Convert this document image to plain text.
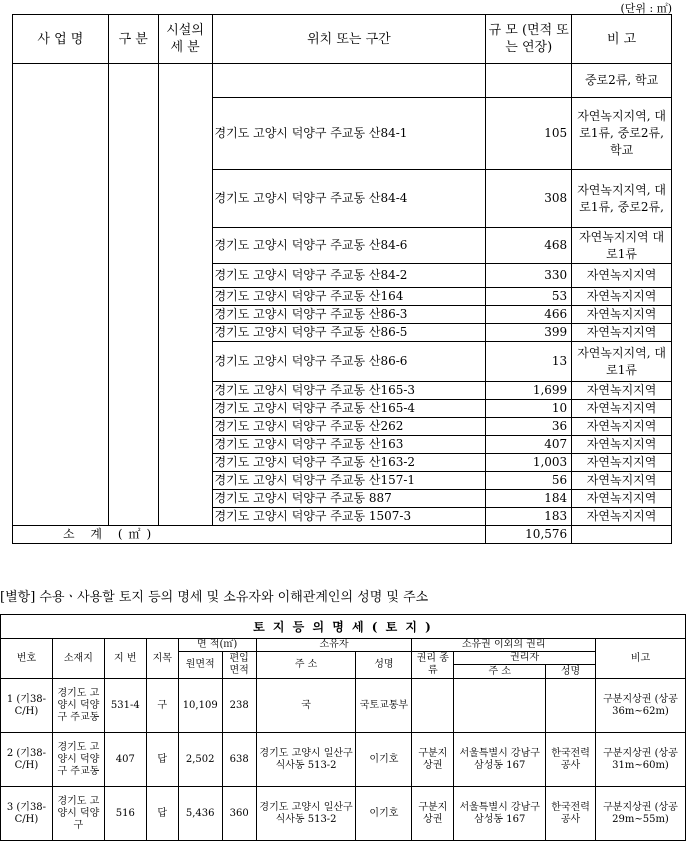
(단위 : ㎡)
사 업 명	구 분	시설의 세 분	위치 또는 구간	규 모 (면적 또는 연장)	비 고
					중로2류, 학교
			경기도 고양시 덕양구 주교동 산84-1	105	자연녹지지역, 대로1류, 중로2류, 학교
			경기도 고양시 덕양구 주교동 산84-4	308	자연녹지지역, 대로1류, 중로2류,
			경기도 고양시 덕양구 주교동 산84-6	468	자연녹지지역 대로1류
			경기도 고양시 덕양구 주교동 산84-2	330	자연녹지지역
			경기도 고양시 덕양구 주교동 산164	53	자연녹지지역
			경기도 고양시 덕양구 주교동 산86-3	466	자연녹지지역
			경기도 고양시 덕양구 주교동 산86-5	399	자연녹지지역
			경기도 고양시 덕양구 주교동 산86-6	13	자연녹지지역, 대로1류
			경기도 고양시 덕양구 주교동 산165-3	1,699	자연녹지지역
			경기도 고양시 덕양구 주교동 산165-4	10	자연녹지지역
			경기도 고양시 덕양구 주교동 산262	36	자연녹지지역
			경기도 고양시 덕양구 주교동 산163	407	자연녹지지역
			경기도 고양시 덕양구 주교동 산163-2	1,003	자연녹지지역
			경기도 고양시 덕양구 주교동 산157-1	56	자연녹지지역
			경기도 고양시 덕양구 주교동 887	184	자연녹지지역
			경기도 고양시 덕양구 주교동 1507-3	183	자연녹지지역
소 계 (㎡)				10,576	
[별항] 수용ㆍ사용할 토지 등의 명세 및 소유자와 이해관계인의 성명 및 주소
토 지 등 의 명 세 ( 토 지 )											
번호	소재지	지 번	지목	면 적(㎡)		소유자		소유권 이외의 권리			비고
				원면적	편입 면적	주 소	성명	권리 종류	권리자		
									주 소	성명	
1 (기38-C/H)	경기도 고양시 덕양구 주교동	531-4	구	10,109	238	국	국토교통부				구분지상권 (상공36m~62m)
2 (기38-C/H)	경기도 고양시 덕양구 주교동	407	답	2,502	638	경기도 고양시 일산구 식사동 513-2	이기호	구분지 상권	서울특별시 강남구 삼성동 167	한국전력 공사	구분지상권 (상공31m~60m)
3 (기38-C/H)	경기도 고양시 덕양구	516	답	5,436	360	경기도 고양시 일산구 식사동 513-2	이기호	구분지 상권	서울특별시 강남구 삼성동 167	한국전력 공사	구분지상권 (상공29m~55m)
